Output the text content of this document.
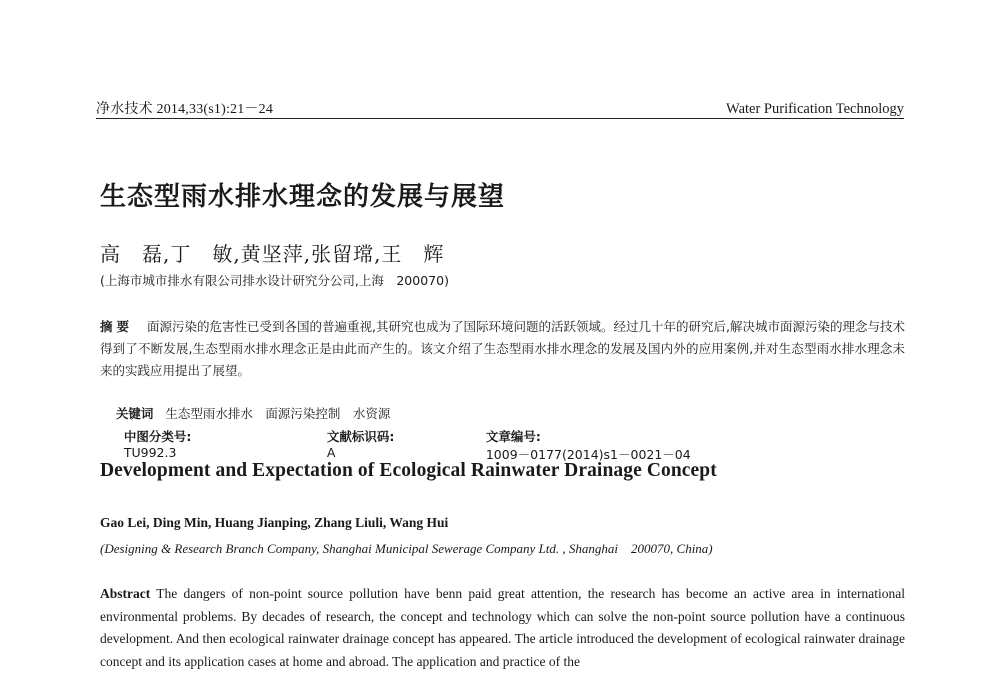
净水技术 2014,33(s1):21－24	Water Purification Technology
生态型雨水排水理念的发展与展望
高　磊,丁　敏,黄坚萍,张留瑺,王　辉
(上海市城市排水有限公司排水设计研究分公司,上海　200070)
摘要 面源污染的危害性已受到各国的普遍重视,其研究也成为了国际环境问题的活跃领域。经过几十年的研究后,解决城市面源污染的理念与技术得到了不断发展,生态型雨水排水理念正是由此而产生的。该文介绍了生态型雨水排水理念的发展及国内外的应用案例,并对生态型雨水排水理念未来的实践应用提出了展望。

关键词 生态型雨水排水　面源污染控制　水资源

中图分类号:
TU992.3

文献标识码:
A

文章编号:
1009－0177(2014)s1－0021－04

Development and Expectation of Ecological Rainwater Drainage Concept
Gao Lei, Ding Min, Huang Jianping, Zhang Liuli, Wang Hui
(Designing & Research Branch Company, Shanghai Municipal Sewerage Company Ltd. , Shanghai　200070, China)
Abstract The dangers of non-point source pollution have benn paid great attention, the research has become an active area in international environmental problems. By decades of research, the concept and technology which can solve the non-point source pollution have a continuous development. And then ecological rainwater drainage concept has appeared. The article introduced the development of ecological rainwater drainage concept and its application cases at home and abroad. The application and practice of the
